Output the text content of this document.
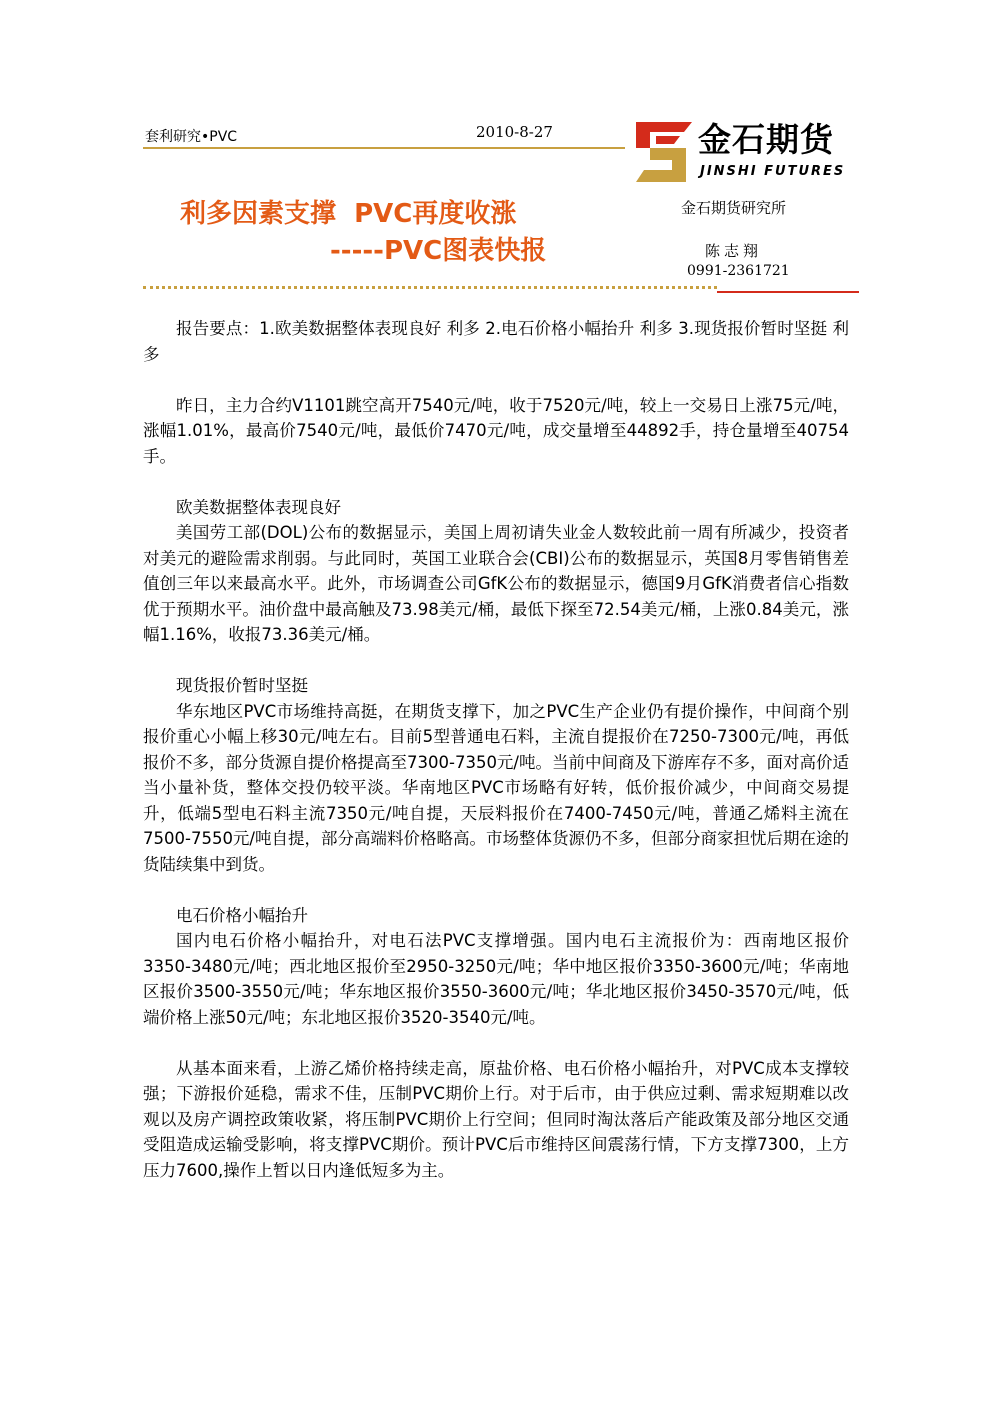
套利研究•PVC	2010-8-27	金石期货
JINSHI FUTURES
利多因素支撑  PVC再度收涨
-----PVC图表快报
金石期货研究所
陈志翔
0991-2361721

报告要点：1.欧美数据整体表现良好 利多 2.电石价格小幅抬升 利多 3.现货报价暂时坚挺 利多

昨日，主力合约V1101跳空高开7540元/吨，收于7520元/吨，较上一交易日上涨75元/吨，涨幅1.01%，最高价7540元/吨，最低价7470元/吨，成交量增至44892手，持仓量增至40754手。

欧美数据整体表现良好

美国劳工部(DOL)公布的数据显示，美国上周初请失业金人数较此前一周有所减少，投资者对美元的避险需求削弱。与此同时，英国工业联合会(CBI)公布的数据显示，英国8月零售销售差值创三年以来最高水平。此外，市场调查公司GfK公布的数据显示，德国9月GfK消费者信心指数优于预期水平。油价盘中最高触及73.98美元/桶，最低下探至72.54美元/桶，上涨0.84美元，涨幅1.16%，收报73.36美元/桶。

现货报价暂时坚挺

华东地区PVC市场维持高挺，在期货支撑下，加之PVC生产企业仍有提价操作，中间商个别报价重心小幅上移30元/吨左右。目前5型普通电石料，主流自提报价在7250-7300元/吨，再低报价不多，部分货源自提价格提高至7300-7350元/吨。当前中间商及下游库存不多，面对高价适当小量补货，整体交投仍较平淡。华南地区PVC市场略有好转，低价报价减少，中间商交易提升，低端5型电石料主流7350元/吨自提，天辰料报价在7400-7450元/吨，普通乙烯料主流在7500-7550元/吨自提，部分高端料价格略高。市场整体货源仍不多，但部分商家担忧后期在途的货陆续集中到货。

电石价格小幅抬升

国内电石价格小幅抬升，对电石法PVC支撑增强。国内电石主流报价为：西南地区报价3350-3480元/吨；西北地区报价至2950-3250元/吨；华中地区报价3350-3600元/吨；华南地区报价3500-3550元/吨；华东地区报价3550-3600元/吨；华北地区报价3450-3570元/吨，低端价格上涨50元/吨；东北地区报价3520-3540元/吨。

从基本面来看，上游乙烯价格持续走高，原盐价格、电石价格小幅抬升，对PVC成本支撑较强；下游报价延稳，需求不佳，压制PVC期价上行。对于后市，由于供应过剩、需求短期难以改观以及房产调控政策收紧，将压制PVC期价上行空间；但同时淘汰落后产能政策及部分地区交通受阻造成运输受影响，将支撑PVC期价。预计PVC后市维持区间震荡行情，下方支撑7300，上方压力7600,操作上暂以日内逢低短多为主。
